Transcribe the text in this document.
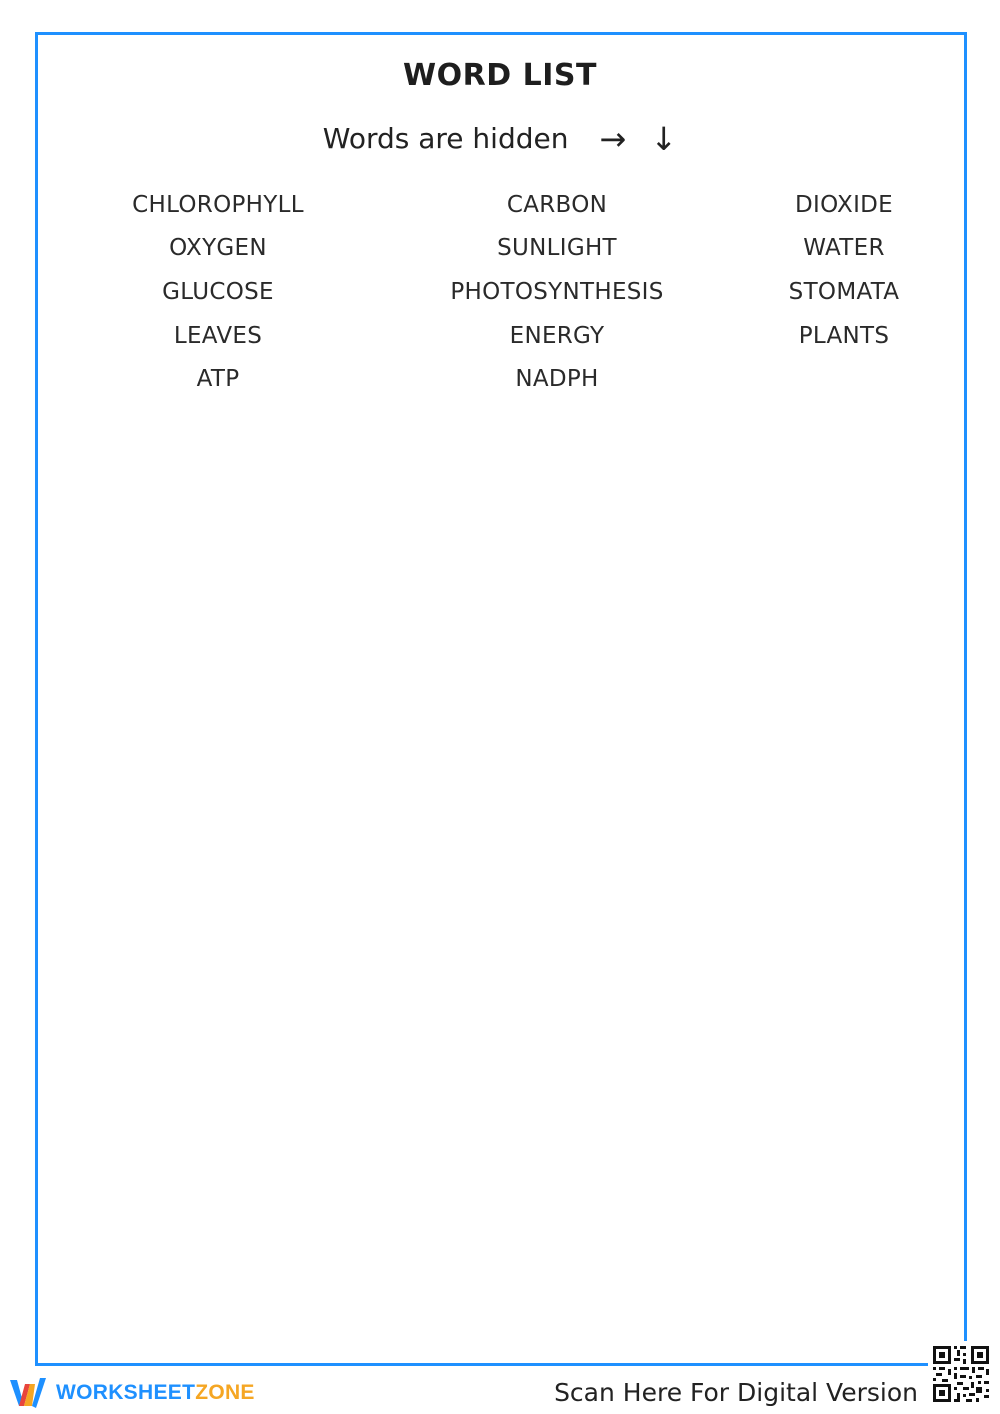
WORD LIST
Words are hidden → ↓
CHLOROPHYLL
OXYGEN
GLUCOSE
LEAVES
ATP
CARBON
SUNLIGHT
PHOTOSYNTHESIS
ENERGY
NADPH
DIOXIDE
WATER
STOMATA
PLANTS
WORKSHEETZONE	Scan Here For Digital Version
